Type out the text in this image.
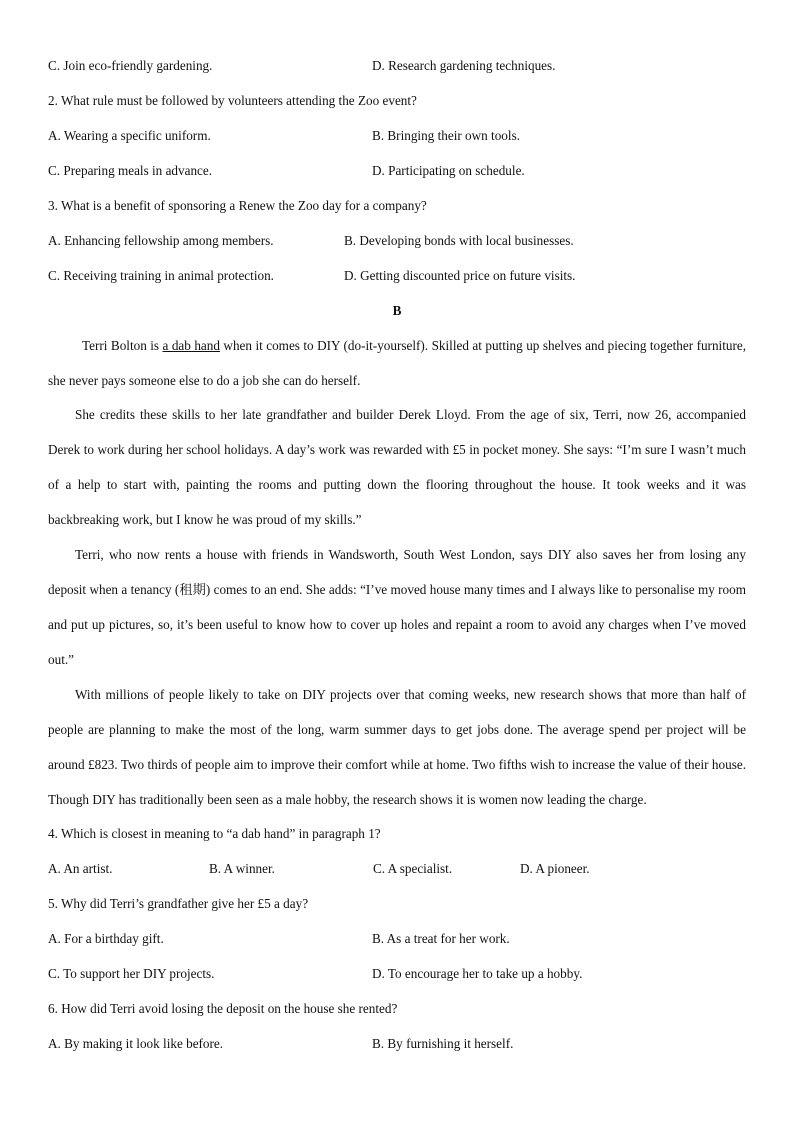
C. Join eco-friendly gardening.	D. Research gardening techniques.
2. What rule must be followed by volunteers attending the Zoo event?
A. Wearing a specific uniform.	B. Bringing their own tools.
C. Preparing meals in advance.	D. Participating on schedule.
3. What is a benefit of sponsoring a Renew the Zoo day for a company?
A. Enhancing fellowship among members.	B. Developing bonds with local businesses.
C. Receiving training in animal protection.	D. Getting discounted price on future visits.
B
Terri Bolton is a dab hand when it comes to DIY (do-it-yourself). Skilled at putting up shelves and piecing together furniture, she never pays someone else to do a job she can do herself.
She credits these skills to her late grandfather and builder Derek Lloyd. From the age of six, Terri, now 26, accompanied Derek to work during her school holidays. A day’s work was rewarded with £5 in pocket money. She says: “I’m sure I wasn’t much of a help to start with, painting the rooms and putting down the flooring throughout the house. It took weeks and it was backbreaking work, but I know he was proud of my skills.”
Terri, who now rents a house with friends in Wandsworth, South West London, says DIY also saves her from losing any deposit when a tenancy (租期) comes to an end. She adds: “I’ve moved house many times and I always like to personalise my room and put up pictures, so, it’s been useful to know how to cover up holes and repaint a room to avoid any charges when I’ve moved out.”
With millions of people likely to take on DIY projects over that coming weeks, new research shows that more than half of people are planning to make the most of the long, warm summer days to get jobs done. The average spend per project will be around £823. Two thirds of people aim to improve their comfort while at home. Two fifths wish to increase the value of their house. Though DIY has traditionally been seen as a male hobby, the research shows it is women now leading the charge.
4. Which is closest in meaning to “a dab hand” in paragraph 1?
A. An artist.	B. A winner.	C. A specialist.	D. A pioneer.
5. Why did Terri’s grandfather give her £5 a day?
A. For a birthday gift.	B. As a treat for her work.
C. To support her DIY projects.	D. To encourage her to take up a hobby.
6. How did Terri avoid losing the deposit on the house she rented?
A. By making it look like before.	B. By furnishing it herself.
